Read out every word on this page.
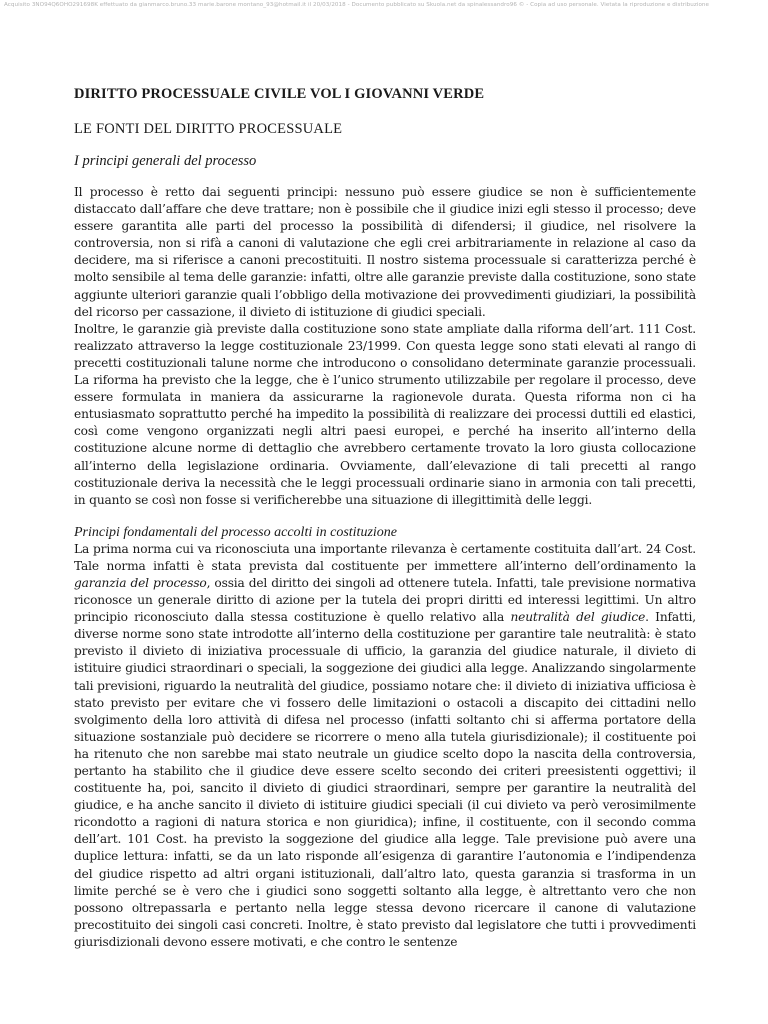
Acquisito 3NO94Q6OHO291698K effettuato da gianmarco.bruno.33 marie.barone montano_93@hotmail.it il 20/03/2018 - Documento pubblicato su Skuola.net da spinalessandro96 © - Copia ad uso personale. Vietata la riproduzione e distribuzione
DIRITTO PROCESSUALE CIVILE VOL I GIOVANNI VERDE
LE FONTI DEL DIRITTO PROCESSUALE
I principi generali del processo

Il processo è retto dai seguenti principi: nessuno può essere giudice se non è sufficientemente distaccato dall’affare che deve trattare; non è possibile che il giudice inizi egli stesso il processo; deve essere garantita alle parti del processo la possibilità di difendersi; il giudice, nel risolvere la controversia, non si rifà a canoni di valutazione che egli crei arbitrariamente in relazione al caso da decidere, ma si riferisce a canoni precostituiti. Il nostro sistema processuale si caratterizza perché è molto sensibile al tema delle garanzie: infatti, oltre alle garanzie previste dalla costituzione, sono state aggiunte ulteriori garanzie quali l’obbligo della motivazione dei provvedimenti giudiziari, la possibilità del ricorso per cassazione, il divieto di istituzione di giudici speciali.

Inoltre, le garanzie già previste dalla costituzione sono state ampliate dalla riforma dell’art. 111 Cost. realizzato attraverso la legge costituzionale 23/1999. Con questa legge sono stati elevati al rango di precetti costituzionali talune norme che introducono o consolidano determinate garanzie processuali. La riforma ha previsto che la legge, che è l’unico strumento utilizzabile per regolare il processo, deve essere formulata in maniera da assicurarne la ragionevole durata. Questa riforma non ci ha entusiasmato soprattutto perché ha impedito la possibilità di realizzare dei processi duttili ed elastici, così come vengono organizzati negli altri paesi europei, e perché ha inserito all’interno della costituzione alcune norme di dettaglio che avrebbero certamente trovato la loro giusta collocazione all’interno della legislazione ordinaria. Ovviamente, dall’elevazione di tali precetti al rango costituzionale deriva la necessità che le leggi processuali ordinarie siano in armonia con tali precetti, in quanto se così non fosse si verificherebbe una situazione di illegittimità delle leggi.

Principi fondamentali del processo accolti in costituzione

La prima norma cui va riconosciuta una importante rilevanza è certamente costituita dall’art. 24 Cost. Tale norma infatti è stata prevista dal costituente per immettere all’interno dell’ordinamento la garanzia del processo, ossia del diritto dei singoli ad ottenere tutela. Infatti, tale previsione normativa riconosce un generale diritto di azione per la tutela dei propri diritti ed interessi legittimi. Un altro principio riconosciuto dalla stessa costituzione è quello relativo alla neutralità del giudice. Infatti, diverse norme sono state introdotte all’interno della costituzione per garantire tale neutralità: è stato previsto il divieto di iniziativa processuale di ufficio, la garanzia del giudice naturale, il divieto di istituire giudici straordinari o speciali, la soggezione dei giudici alla legge. Analizzando singolarmente tali previsioni, riguardo la neutralità del giudice, possiamo notare che: il divieto di iniziativa ufficiosa è stato previsto per evitare che vi fossero delle limitazioni o ostacoli a discapito dei cittadini nello svolgimento della loro attività di difesa nel processo (infatti soltanto chi si afferma portatore della situazione sostanziale può decidere se ricorrere o meno alla tutela giurisdizionale); il costituente poi ha ritenuto che non sarebbe mai stato neutrale un giudice scelto dopo la nascita della controversia, pertanto ha stabilito che il giudice deve essere scelto secondo dei criteri preesistenti oggettivi; il costituente ha, poi, sancito il divieto di giudici straordinari, sempre per garantire la neutralità del giudice, e ha anche sancito il divieto di istituire giudici speciali (il cui divieto va però verosimilmente ricondotto a ragioni di natura storica e non giuridica); infine, il costituente, con il secondo comma dell’art. 101 Cost. ha previsto la soggezione del giudice alla legge. Tale previsione può avere una duplice lettura: infatti, se da un lato risponde all’esigenza di garantire l’autonomia e l’indipendenza del giudice rispetto ad altri organi istituzionali, dall’altro lato, questa garanzia si trasforma in un limite perché se è vero che i giudici sono soggetti soltanto alla legge, è altrettanto vero che non possono oltrepassarla e pertanto nella legge stessa devono ricercare il canone di valutazione precostituito dei singoli casi concreti. Inoltre, è stato previsto dal legislatore che tutti i provvedimenti giurisdizionali devono essere motivati, e che contro le sentenze
